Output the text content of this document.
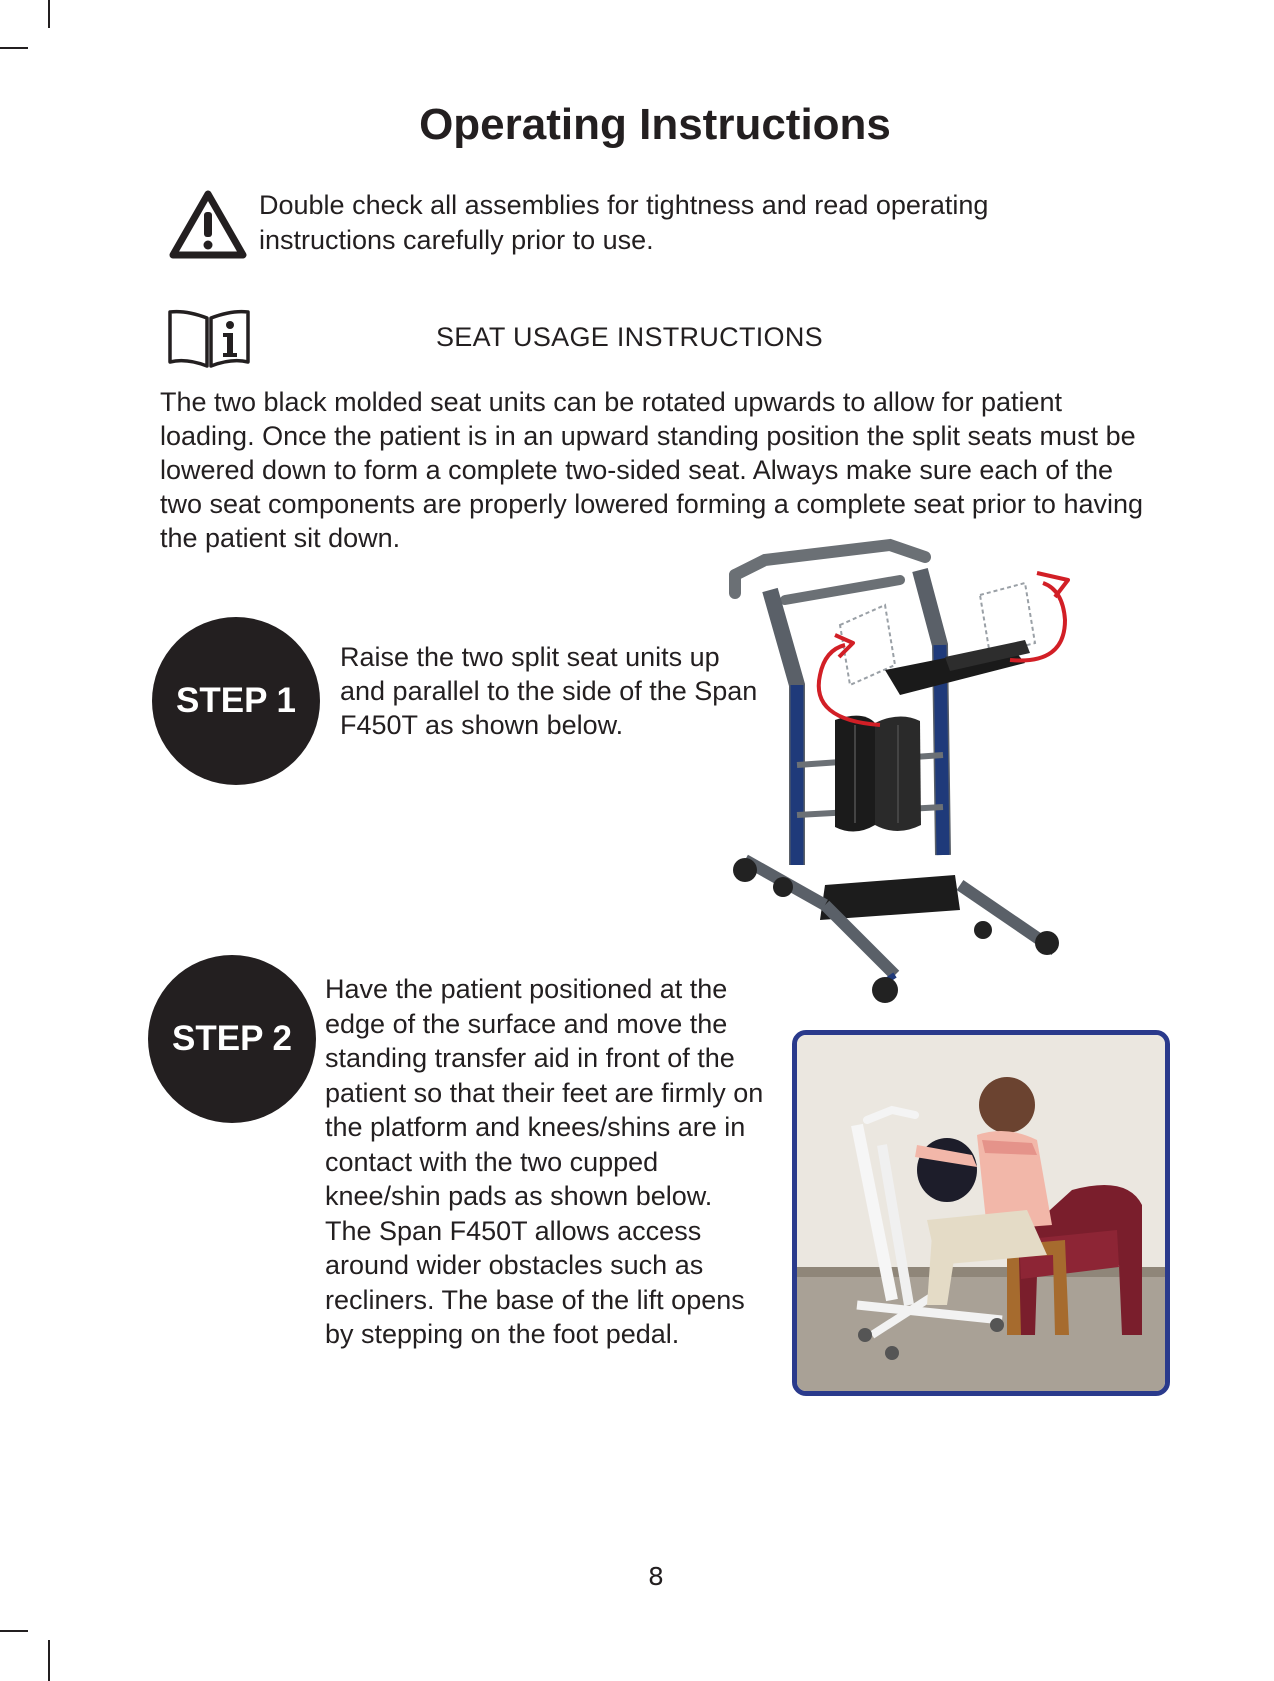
Operating Instructions
Double check all assemblies for tightness and read operating instructions carefully prior to use.
SEAT USAGE INSTRUCTIONS
The two black molded seat units can be rotated upwards to allow for patient loading. Once the patient is in an upward standing position the split seats must be lowered down to form a complete two-sided seat. Always make sure each of the two seat components are properly lowered forming a complete seat prior to having the patient sit down.
STEP 1
Raise the two split seat units up and parallel to the side of the Span F450T as shown below.
STEP 2
Have the patient positioned at the edge of the surface and move the standing transfer aid in front of the patient so that their feet are firmly on the platform and knees/shins are in contact with the two cupped knee/shin pads as shown below. The Span F450T allows access around wider obstacles such as recliners. The base of the lift opens by stepping on the foot pedal.
8
